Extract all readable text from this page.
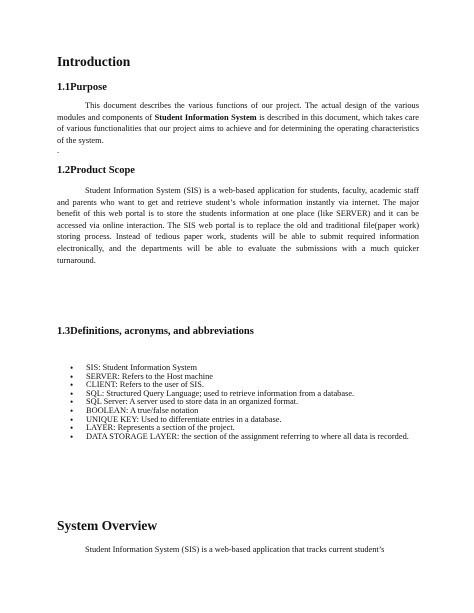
Introduction
1.1Purpose

This document describes the various functions of our project. The actual design of the various modules and components of Student Information System is described in this document, which takes care of various functionalities that our project aims to achieve and for determining the operating characteristics of the system.

.
1.2Product Scope

Student Information System (SIS) is a web-based application for students, faculty, academic staff and parents who want to get and retrieve student’s whole information instantly via internet. The major benefit of this web portal is to store the students information at one place (like SERVER) and it can be accessed via online interaction. The SIS web portal is to replace the old and traditional file(paper work) storing process. Instead of tedious paper work, students will be able to submit required information electronically, and the departments will be able to evaluate the submissions with a much quicker turnaround.

1.3Definitions, acronyms, and abbreviations
• SIS: Student Information System
• SERVER: Refers to the Host machine
• CLIENT: Refers to the user of SIS.
• SQL: Structured Query Language; used to retrieve information from a database.
• SQL Server: A server used to store data in an organized format.
• BOOLEAN: A true/false notation
• UNIQUE KEY: Used to differentiate entries in a database.
• LAYER: Represents a section of the project.
• DATA STORAGE LAYER: the section of the assignment referring to where all data is recorded.
System Overview

Student Information System (SIS) is a web-based application that tracks current student’s
